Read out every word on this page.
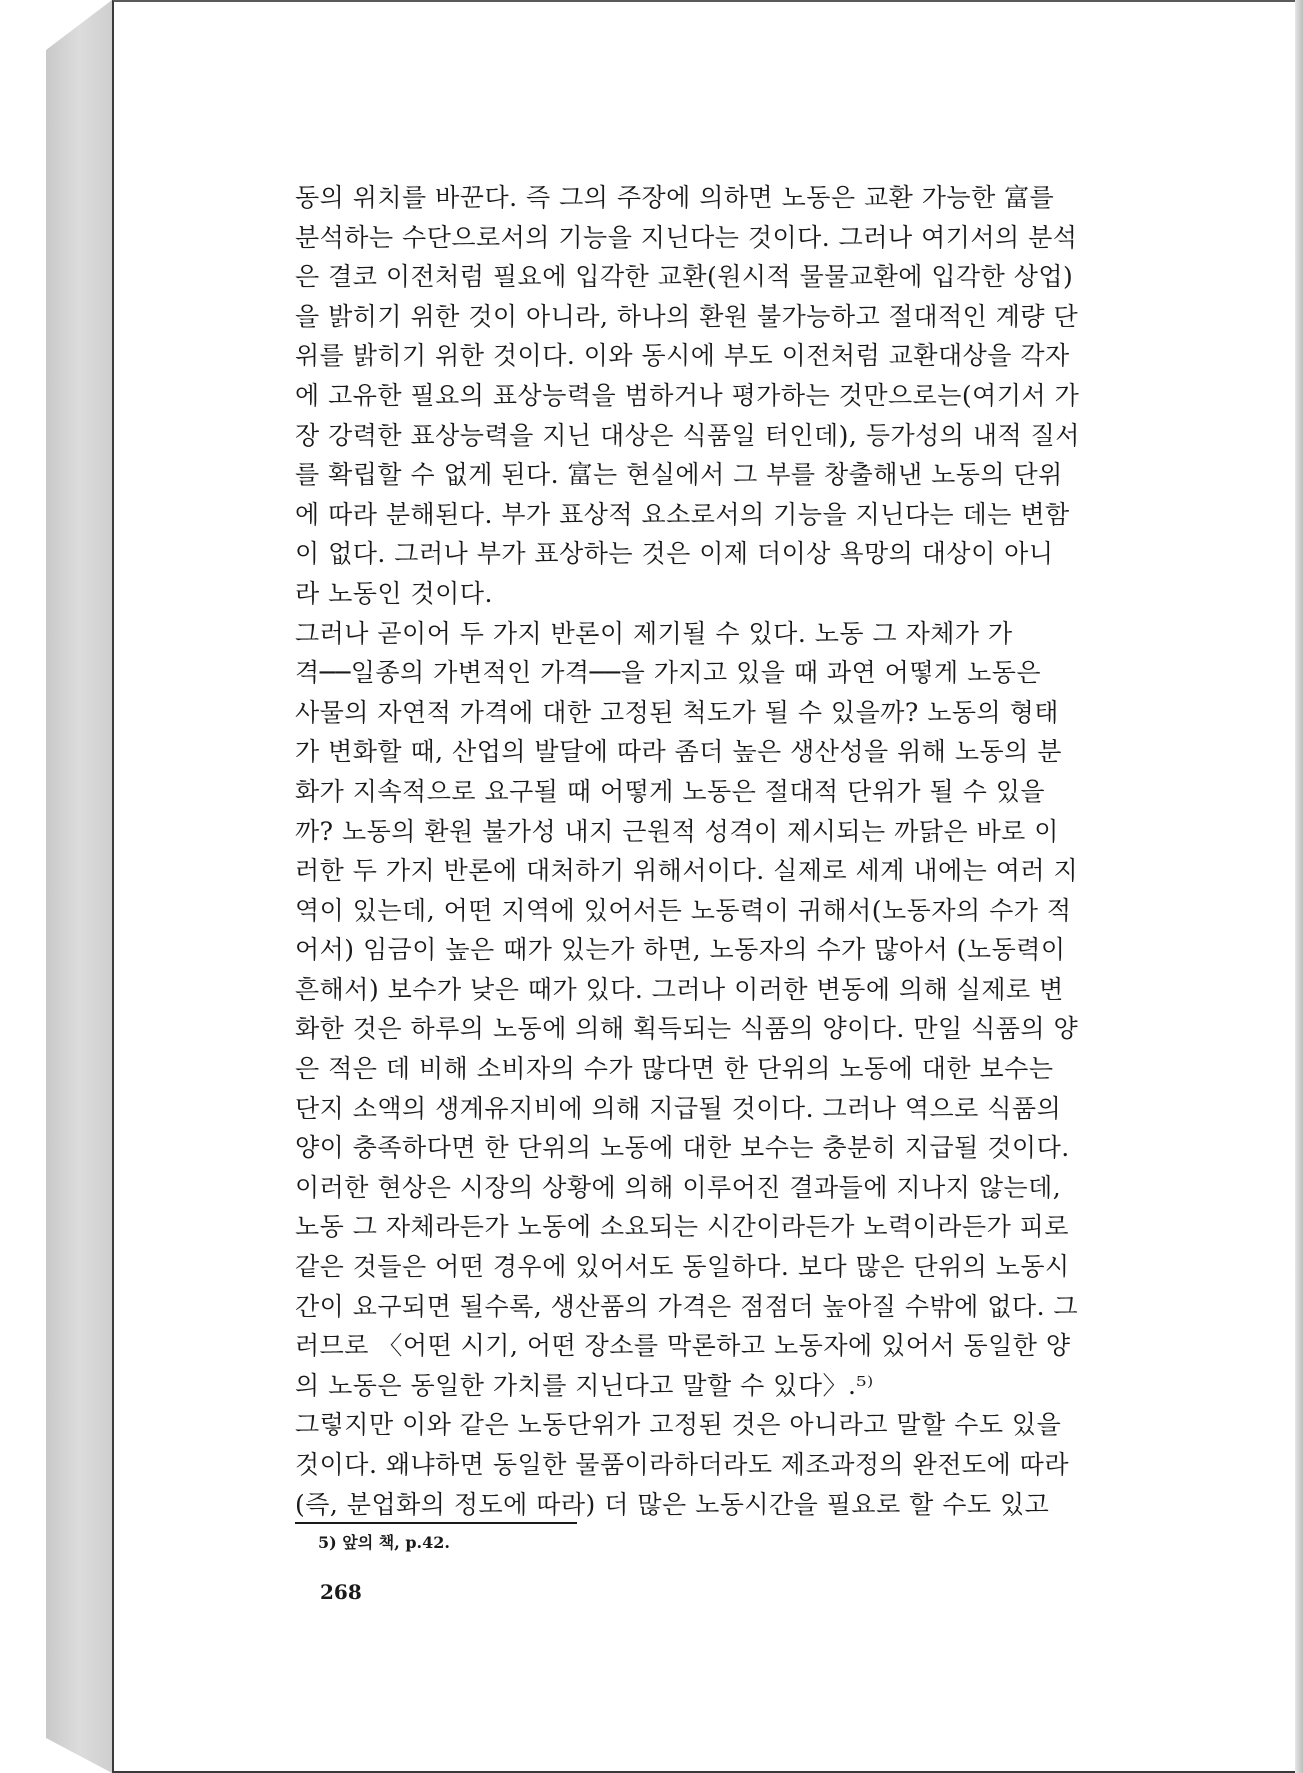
동의 위치를 바꾼다. 즉 그의 주장에 의하면 노동은 교환 가능한 富를
분석하는 수단으로서의 기능을 지닌다는 것이다. 그러나 여기서의 분석
은 결코 이전처럼 필요에 입각한 교환(원시적 물물교환에 입각한 상업)
을 밝히기 위한 것이 아니라, 하나의 환원 불가능하고 절대적인 계량 단
위를 밝히기 위한 것이다. 이와 동시에 부도 이전처럼 교환대상을 각자
에 고유한 필요의 표상능력을 범하거나 평가하는 것만으로는(여기서 가
장 강력한 표상능력을 지닌 대상은 식품일 터인데), 등가성의 내적 질서
를 확립할 수 없게 된다. 富는 현실에서 그 부를 창출해낸 노동의 단위
에 따라 분해된다. 부가 표상적 요소로서의 기능을 지닌다는 데는 변함
이 없다. 그러나 부가 표상하는 것은 이제 더이상 욕망의 대상이 아니
라 노동인 것이다.

그러나 곧이어 두 가지 반론이 제기될 수 있다. 노동 그 자체가 가
격──일종의 가변적인 가격──을 가지고 있을 때 과연 어떻게 노동은
사물의 자연적 가격에 대한 고정된 척도가 될 수 있을까? 노동의 형태
가 변화할 때, 산업의 발달에 따라 좀더 높은 생산성을 위해 노동의 분
화가 지속적으로 요구될 때 어떻게 노동은 절대적 단위가 될 수 있을
까? 노동의 환원 불가성 내지 근원적 성격이 제시되는 까닭은 바로 이
러한 두 가지 반론에 대처하기 위해서이다. 실제로 세계 내에는 여러 지
역이 있는데, 어떤 지역에 있어서든 노동력이 귀해서(노동자의 수가 적
어서) 임금이 높은 때가 있는가 하면, 노동자의 수가 많아서 (노동력이
흔해서) 보수가 낮은 때가 있다. 그러나 이러한 변동에 의해 실제로 변
화한 것은 하루의 노동에 의해 획득되는 식품의 양이다. 만일 식품의 양
은 적은 데 비해 소비자의 수가 많다면 한 단위의 노동에 대한 보수는
단지 소액의 생계유지비에 의해 지급될 것이다. 그러나 역으로 식품의
양이 충족하다면 한 단위의 노동에 대한 보수는 충분히 지급될 것이다.
이러한 현상은 시장의 상황에 의해 이루어진 결과들에 지나지 않는데,
노동 그 자체라든가 노동에 소요되는 시간이라든가 노력이라든가 피로
같은 것들은 어떤 경우에 있어서도 동일하다. 보다 많은 단위의 노동시
간이 요구되면 될수록, 생산품의 가격은 점점더 높아질 수밖에 없다. 그
러므로 〈어떤 시기, 어떤 장소를 막론하고 노동자에 있어서 동일한 양
의 노동은 동일한 가치를 지닌다고 말할 수 있다〉.⁵⁾

그렇지만 이와 같은 노동단위가 고정된 것은 아니라고 말할 수도 있을
것이다. 왜냐하면 동일한 물품이라하더라도 제조과정의 완전도에 따라
(즉, 분업화의 정도에 따라) 더 많은 노동시간을 필요로 할 수도 있고

5) 앞의 책, p.42.
268
